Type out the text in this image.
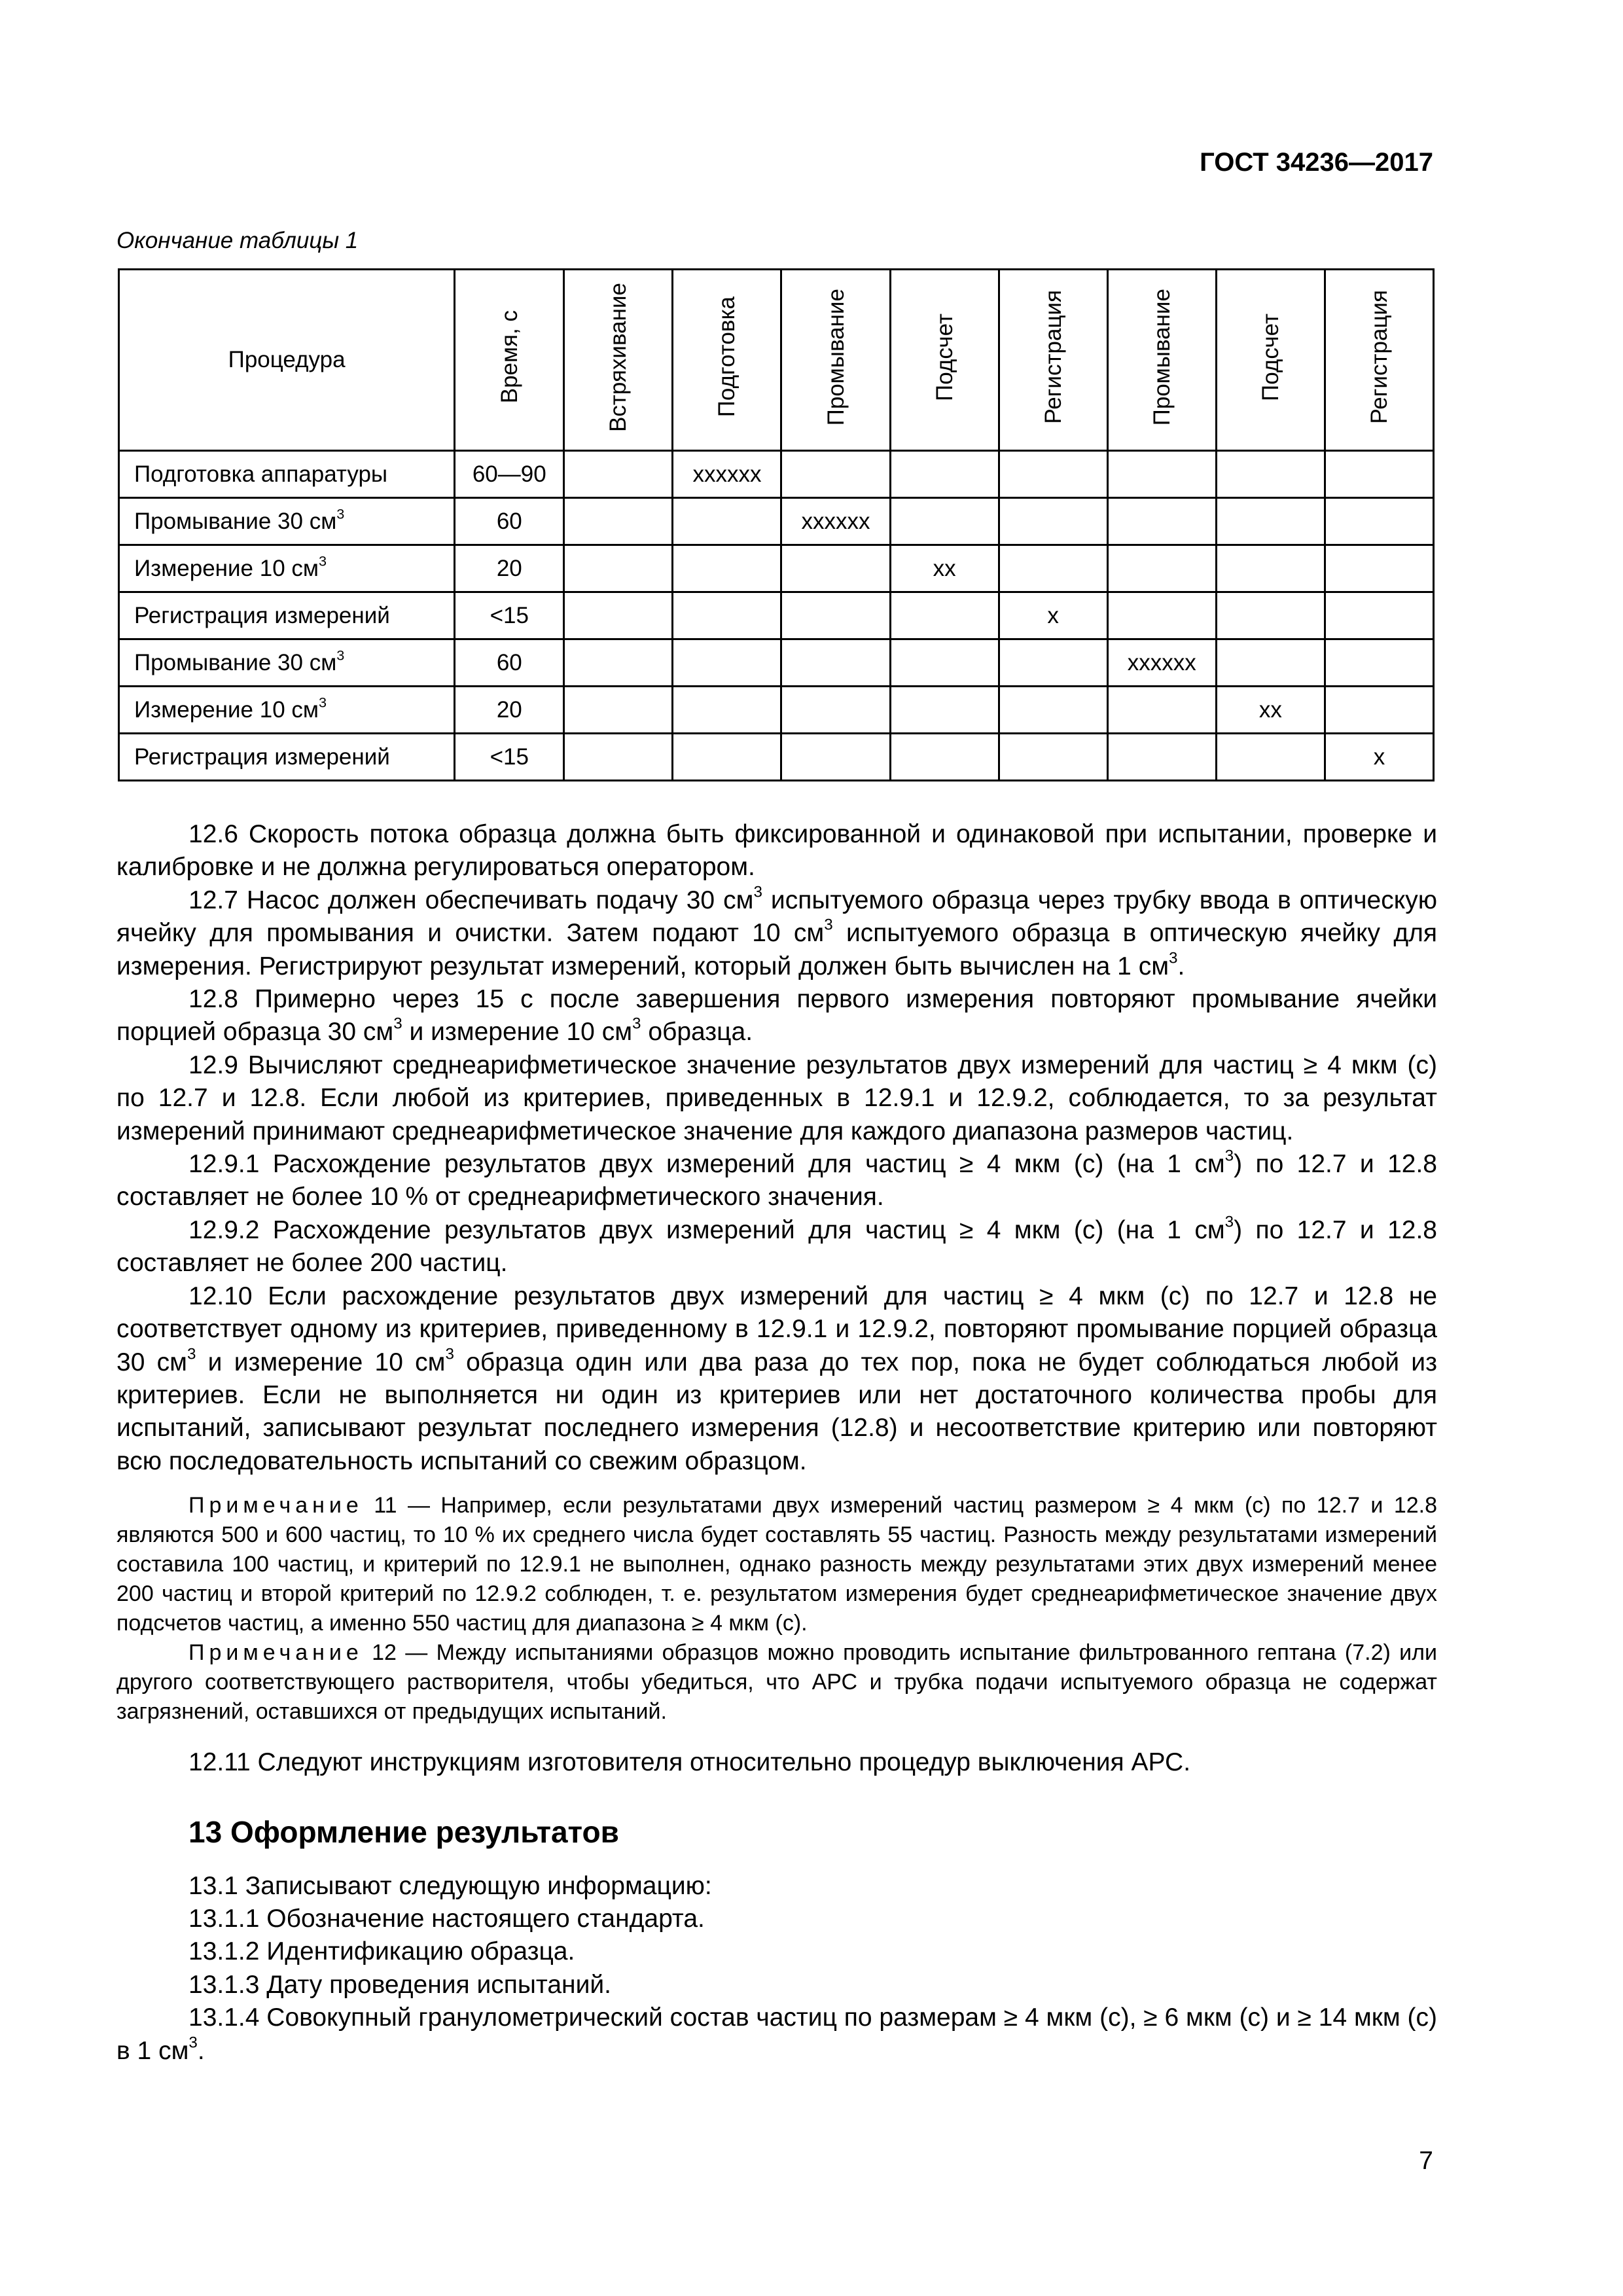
ГОСТ 34236—2017
Окончание таблицы 1
Процедура	Время, с	Встряхивание	Подготовка	Промывание	Подсчет	Регистрация	Промывание	Подсчет	Регистрация
Подготовка аппаратуры	60—90		xxxxxx						
Промывание 30 $см^3$	60			xxxxxx					
Измерение 10 $см^3$	20				xx				
Регистрация измерений	<15					x			
Промывание 30 $см^3$	60						xxxxxx		
Измерение 10 $см^3$	20							xx	
Регистрация измерений	<15								x

12.6 Скорость потока образца должна быть фиксированной и одинаковой при испытании, проверке и калибровке и не должна регулироваться оператором.

12.7 Насос должен обеспечивать подачу 30 $см^3$ испытуемого образца через трубку ввода в оптическую ячейку для промывания и очистки. Затем подают 10 $см^3$ испытуемого образца в оптическую ячейку для измерения. Регистрируют результат измерений, который должен быть вычислен на 1 $см^3$.

12.8 Примерно через 15 с после завершения первого измерения повторяют промывание ячейки порцией образца 30 $см^3$ и измерение 10 $см^3$ образца.

12.9 Вычисляют среднеарифметическое значение результатов двух измерений для частиц ≥ 4 мкм (с) по 12.7 и 12.8. Если любой из критериев, приведенных в 12.9.1 и 12.9.2, соблюдается, то за результат измерений принимают среднеарифметическое значение для каждого диапазона размеров частиц.

12.9.1 Расхождение результатов двух измерений для частиц ≥ 4 мкм (с) (на 1 $см^3$) по 12.7 и 12.8 составляет не более 10 % от среднеарифметического значения.

12.9.2 Расхождение результатов двух измерений для частиц ≥ 4 мкм (с) (на 1 $см^3$) по 12.7 и 12.8 составляет не более 200 частиц.

12.10 Если расхождение результатов двух измерений для частиц ≥ 4 мкм (с) по 12.7 и 12.8 не соответствует одному из критериев, приведенному в 12.9.1 и 12.9.2, повторяют промывание порцией образца 30 $см^3$ и измерение 10 $см^3$ образца один или два раза до тех пор, пока не будет соблюдаться любой из критериев. Если не выполняется ни один из критериев или нет достаточного количества пробы для испытаний, записывают результат последнего измерения (12.8) и несоответствие критерию или повторяют всю последовательность испытаний со свежим образцом.

Примечание 11 — Например, если результатами двух измерений частиц размером ≥ 4 мкм (с) по 12.7 и 12.8 являются 500 и 600 частиц, то 10 % их среднего числа будет составлять 55 частиц. Разность между результатами измерений составила 100 частиц, и критерий по 12.9.1 не выполнен, однако разность между результатами этих двух измерений менее 200 частиц и второй критерий по 12.9.2 соблюден, т. е. результатом измерения будет среднеарифметическое значение двух подсчетов частиц, а именно 550 частиц для диапазона ≥ 4 мкм (с).

Примечание 12 — Между испытаниями образцов можно проводить испытание фильтрованного гептана (7.2) или другого соответствующего растворителя, чтобы убедиться, что АРС и трубка подачи испытуемого образца не содержат загрязнений, оставшихся от предыдущих испытаний.

12.11 Следуют инструкциям изготовителя относительно процедур выключения АРС.

13 Оформление результатов

13.1 Записывают следующую информацию:

13.1.1 Обозначение настоящего стандарта.

13.1.2 Идентификацию образца.

13.1.3 Дату проведения испытаний.

13.1.4 Совокупный гранулометрический состав частиц по размерам ≥ 4 мкм (с), ≥ 6 мкм (с) и ≥ 14 мкм (с) в 1 $см^3$.

7
